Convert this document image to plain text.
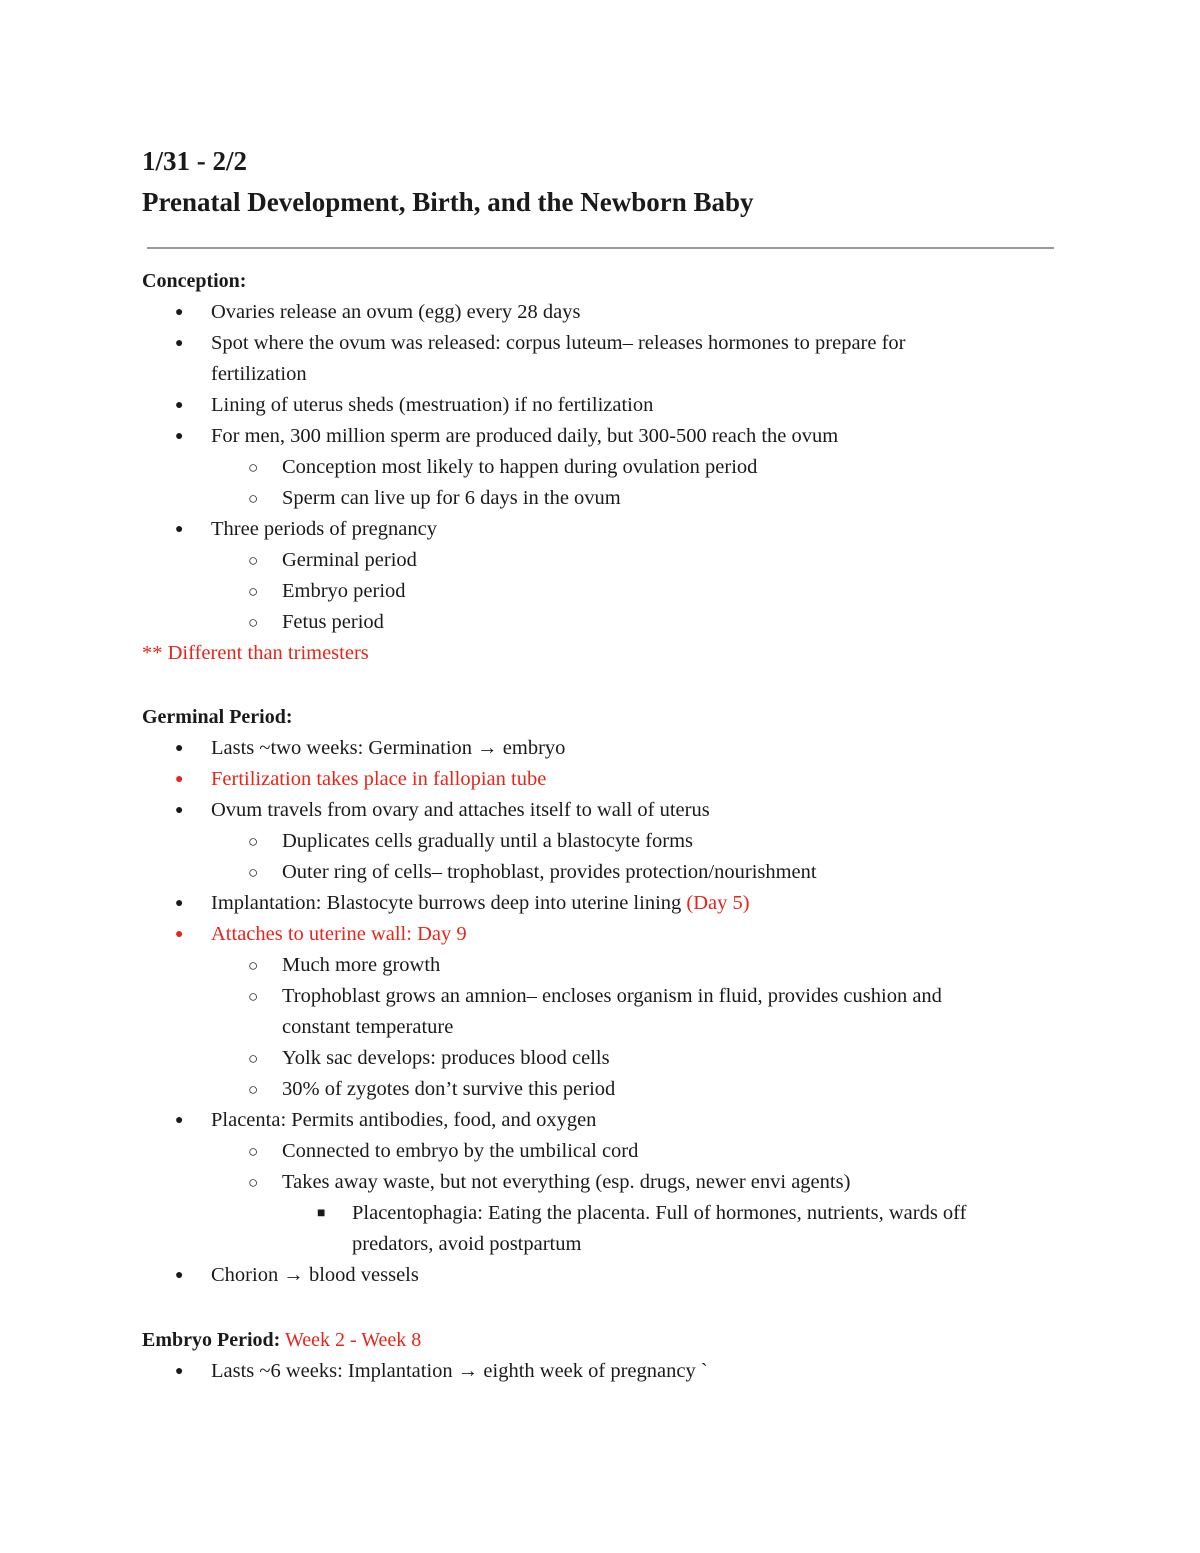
1/31 - 2/2

Prenatal Development, Birth, and the Newborn Baby

Conception:

● Ovaries release an ovum (egg) every 28 days

● Spot where the ovum was released: corpus luteum– releases hormones to prepare for

fertilization

● Lining of uterus sheds (mestruation) if no fertilization

● For men, 300 million sperm are produced daily, but 300-500 reach the ovum

○ Conception most likely to happen during ovulation period

○ Sperm can live up for 6 days in the ovum

● Three periods of pregnancy

○ Germinal period

○ Embryo period

○ Fetus period

** Different than trimesters

Germinal Period:

● Lasts ~two weeks: Germination → embryo

● Fertilization takes place in fallopian tube

● Ovum travels from ovary and attaches itself to wall of uterus

○ Duplicates cells gradually until a blastocyte forms

○ Outer ring of cells– trophoblast, provides protection/nourishment

● Implantation: Blastocyte burrows deep into uterine lining (Day 5)

● Attaches to uterine wall: Day 9

○ Much more growth

○ Trophoblast grows an amnion– encloses organism in fluid, provides cushion and

constant temperature

○ Yolk sac develops: produces blood cells

○ 30% of zygotes don’t survive this period

● Placenta: Permits antibodies, food, and oxygen

○ Connected to embryo by the umbilical cord

○ Takes away waste, but not everything (esp. drugs, newer envi agents)

■ Placentophagia: Eating the placenta. Full of hormones, nutrients, wards off

predators, avoid postpartum

● Chorion → blood vessels

Embryo Period: Week 2 - Week 8

● Lasts ~6 weeks: Implantation → eighth week of pregnancy `
